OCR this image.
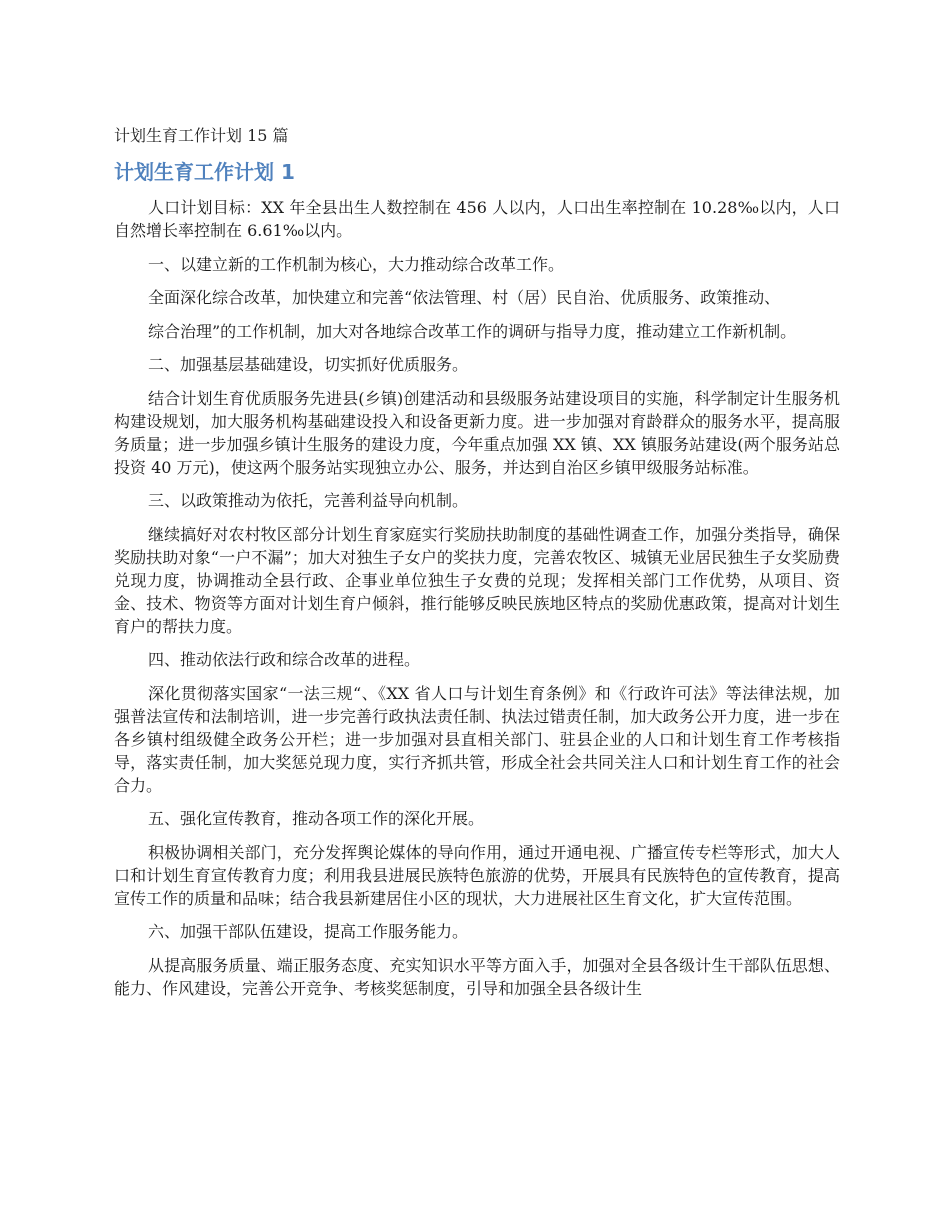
计划生育工作计划 15 篇
计划生育工作计划 1

人口计划目标：XX 年全县出生人数控制在 456 人以内，人口出生率控制在 10.28‰以内，人口自然增长率控制在 6.61‰以内。

一、以建立新的工作机制为核心，大力推动综合改革工作。

全面深化综合改革，加快建立和完善“依法管理、村（居）民自治、优质服务、政策推动、

综合治理”的工作机制，加大对各地综合改革工作的调研与指导力度，推动建立工作新机制。

二、加强基层基础建设，切实抓好优质服务。

结合计划生育优质服务先进县(乡镇)创建活动和县级服务站建设项目的实施，科学制定计生服务机构建设规划，加大服务机构基础建设投入和设备更新力度。进一步加强对育龄群众的服务水平，提高服务质量；进一步加强乡镇计生服务的建设力度，今年重点加强 XX 镇、XX 镇服务站建设(两个服务站总投资 40 万元)，使这两个服务站实现独立办公、服务，并达到自治区乡镇甲级服务站标准。

三、以政策推动为依托，完善利益导向机制。

继续搞好对农村牧区部分计划生育家庭实行奖励扶助制度的基础性调查工作，加强分类指导，确保奖励扶助对象“一户不漏”；加大对独生子女户的奖扶力度，完善农牧区、城镇无业居民独生子女奖励费兑现力度，协调推动全县行政、企事业单位独生子女费的兑现；发挥相关部门工作优势，从项目、资金、技术、物资等方面对计划生育户倾斜，推行能够反映民族地区特点的奖励优惠政策，提高对计划生育户的帮扶力度。

四、推动依法行政和综合改革的进程。

深化贯彻落实国家“一法三规“、《XX 省人口与计划生育条例》和《行政许可法》等法律法规，加强普法宣传和法制培训，进一步完善行政执法责任制、执法过错责任制，加大政务公开力度，进一步在各乡镇村组级健全政务公开栏；进一步加强对县直相关部门、驻县企业的人口和计划生育工作考核指导，落实责任制，加大奖惩兑现力度，实行齐抓共管，形成全社会共同关注人口和计划生育工作的社会合力。

五、强化宣传教育，推动各项工作的深化开展。

积极协调相关部门，充分发挥舆论媒体的导向作用，通过开通电视、广播宣传专栏等形式，加大人口和计划生育宣传教育力度；利用我县进展民族特色旅游的优势，开展具有民族特色的宣传教育，提高宣传工作的质量和品味；结合我县新建居住小区的现状，大力进展社区生育文化，扩大宣传范围。

六、加强干部队伍建设，提高工作服务能力。

从提高服务质量、端正服务态度、充实知识水平等方面入手，加强对全县各级计生干部队伍思想、能力、作风建设，完善公开竞争、考核奖惩制度，引导和加强全县各级计生
